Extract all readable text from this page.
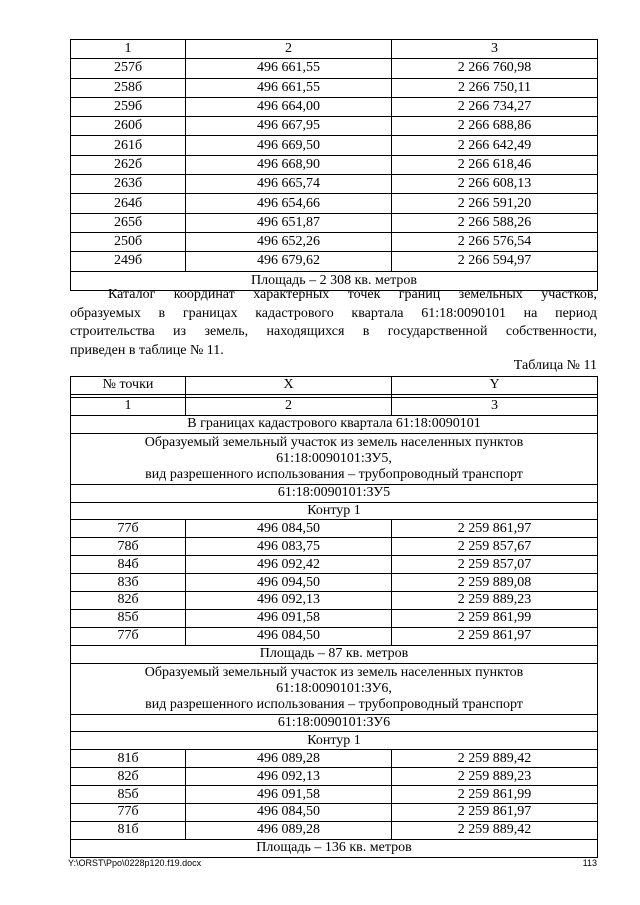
1	2	3
257б	496 661,55	2 266 760,98
258б	496 661,55	2 266 750,11
259б	496 664,00	2 266 734,27
260б	496 667,95	2 266 688,86
261б	496 669,50	2 266 642,49
262б	496 668,90	2 266 618,46
263б	496 665,74	2 266 608,13
264б	496 654,66	2 266 591,20
265б	496 651,87	2 266 588,26
250б	496 652,26	2 266 576,54
249б	496 679,62	2 266 594,97
Площадь – 2 308 кв. метров		
Каталог координат характерных точек границ земельных участков,
образуемых в границах кадастрового квартала 61:18:0090101 на период
строительства из земель, находящихся в государственной собственности,
приведен в таблице № 11.
Таблица № 11
№ точки	X	Y

1	2	3
В границах кадастрового квартала 61:18:0090101		

Образуемый земельный участок из земель населенных пунктов
61:18:0090101:ЗУ5,
вид разрешенного использования – трубопроводный транспорт		

61:18:0090101:ЗУ5		
Контур 1		
77б	496 084,50	2 259 861,97
78б	496 083,75	2 259 857,67
84б	496 092,42	2 259 857,07
83б	496 094,50	2 259 889,08
82б	496 092,13	2 259 889,23
85б	496 091,58	2 259 861,99
77б	496 084,50	2 259 861,97
Площадь – 87 кв. метров		

Образуемый земельный участок из земель населенных пунктов
61:18:0090101:ЗУ6,
вид разрешенного использования – трубопроводный транспорт		

61:18:0090101:ЗУ6		
Контур 1		
81б	496 089,28	2 259 889,42
82б	496 092,13	2 259 889,23
85б	496 091,58	2 259 861,99
77б	496 084,50	2 259 861,97
81б	496 089,28	2 259 889,42
Площадь – 136 кв. метров		
Y:\ORST\Ppo\0228p120.f19.docx	113
